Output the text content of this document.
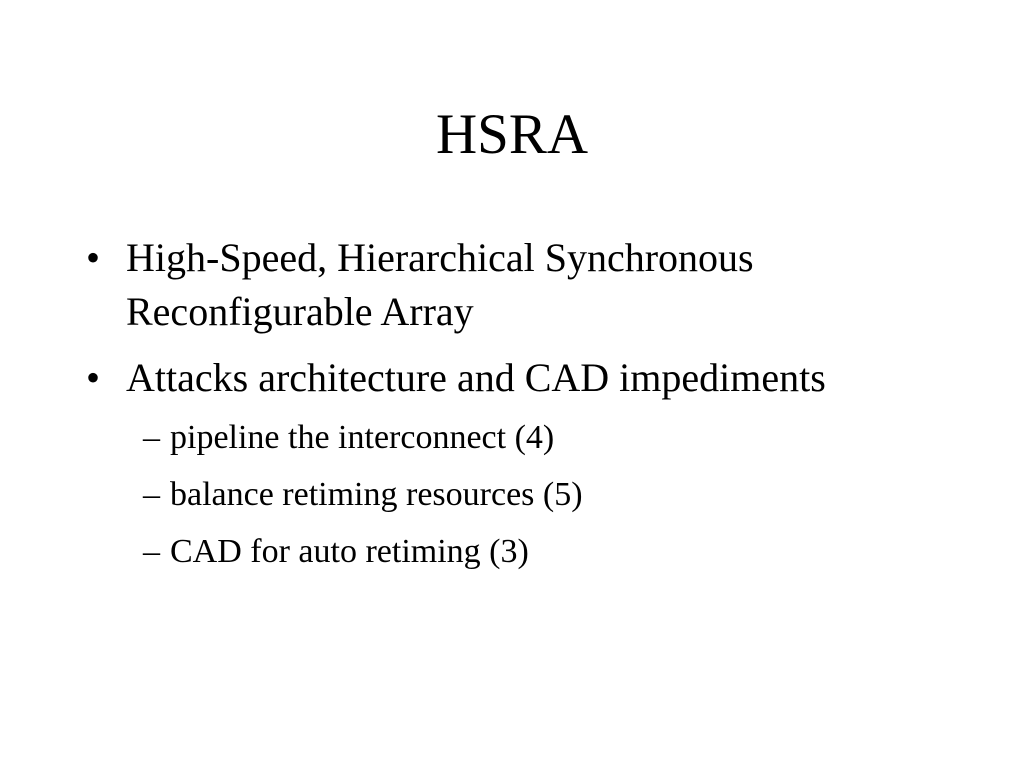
HSRA
• High-Speed, Hierarchical Synchronous
Reconfigurable Array
• Attacks architecture and CAD impediments
– pipeline the interconnect (4)
– balance retiming resources (5)
– CAD for auto retiming (3)
